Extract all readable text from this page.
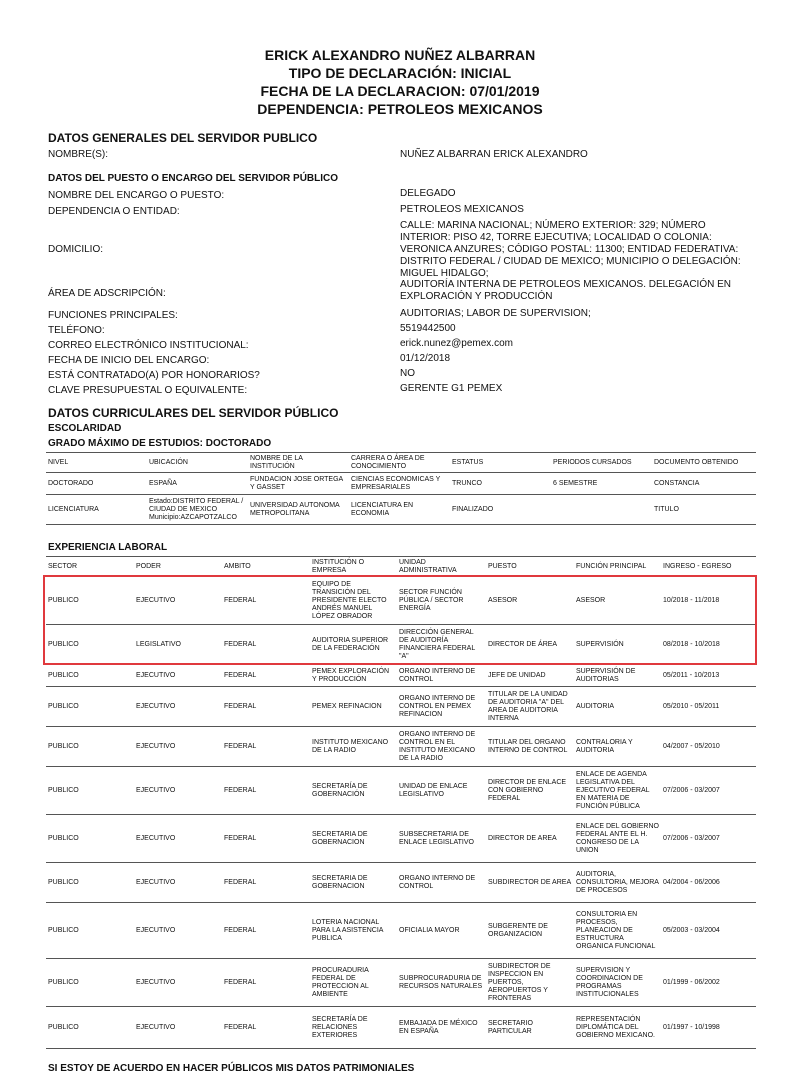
ERICK ALEXANDRO NUÑEZ ALBARRAN
TIPO DE DECLARACIÓN: INICIAL
FECHA DE LA DECLARACION: 07/01/2019
DEPENDENCIA: PETROLEOS MEXICANOS
DATOS GENERALES DEL SERVIDOR PUBLICO
NOMBRE(S):	NUÑEZ ALBARRAN ERICK ALEXANDRO
DATOS DEL PUESTO O ENCARGO DEL SERVIDOR PÚBLICO
NOMBRE DEL ENCARGO O PUESTO:	DELEGADO
DEPENDENCIA O ENTIDAD:	PETROLEOS MEXICANOS
DOMICILIO:
CALLE: MARINA NACIONAL; NÚMERO EXTERIOR: 329; NÚMERO INTERIOR: PISO 42, TORRE EJECUTIVA; LOCALIDAD O COLONIA: VERONICA ANZURES; CÓDIGO POSTAL: 11300; ENTIDAD FEDERATIVA: DISTRITO FEDERAL / CIUDAD DE MEXICO; MUNICIPIO O DELEGACIÓN: MIGUEL HIDALGO;
ÁREA DE ADSCRIPCIÓN:
AUDITORÍA INTERNA DE PETROLEOS MEXICANOS. DELEGACIÓN EN EXPLORACIÓN Y PRODUCCIÓN
FUNCIONES PRINCIPALES:	AUDITORIAS; LABOR DE SUPERVISION;
TELÉFONO:	5519442500
CORREO ELECTRÓNICO INSTITUCIONAL:	erick.nunez@pemex.com
FECHA DE INICIO DEL ENCARGO:	01/12/2018
ESTÁ CONTRATADO(A) POR HONORARIOS?	NO
CLAVE PRESUPUESTAL O EQUIVALENTE:	GERENTE G1 PEMEX
DATOS CURRICULARES DEL SERVIDOR PÚBLICO
ESCOLARIDAD
GRADO MÁXIMO DE ESTUDIOS: DOCTORADO
NIVEL	UBICACIÓN	NOMBRE DE LA INSTITUCIÓN	CARRERA O ÁREA DE CONOCIMIENTO	ESTATUS	PERIODOS CURSADOS	DOCUMENTO OBTENIDO
DOCTORADO	ESPAÑA	FUNDACION JOSE ORTEGA Y GASSET	CIENCIAS ECONOMICAS Y EMPRESARIALES	TRUNCO	6 SEMESTRE	CONSTANCIA
LICENCIATURA	Estado:DISTRITO FEDERAL / CIUDAD DE MEXICO Municipio:AZCAPOTZALCO	UNIVERSIDAD AUTONOMA METROPOLITANA	LICENCIATURA EN ECONOMIA	FINALIZADO		TITULO
EXPERIENCIA LABORAL
SECTOR	PODER	AMBITO	INSTITUCIÓN O EMPRESA	UNIDAD ADMINISTRATIVA	PUESTO	FUNCIÓN PRINCIPAL	INGRESO - EGRESO
PUBLICO	EJECUTIVO	FEDERAL	EQUIPO DE TRANSICIÓN DEL PRESIDENTE ELECTO ANDRÉS MANUEL LÓPEZ OBRADOR	SECTOR FUNCIÓN PÚBLICA / SECTOR ENERGÍA	ASESOR	ASESOR	10/2018 - 11/2018
PUBLICO	LEGISLATIVO	FEDERAL	AUDITORIA SUPERIOR DE LA FEDERACIÓN	DIRECCIÓN GENERAL DE AUDITORÍA FINANCIERA FEDERAL "A"	DIRECTOR DE ÁREA	SUPERVISIÓN	08/2018 - 10/2018
PUBLICO	EJECUTIVO	FEDERAL	PEMEX EXPLORACIÓN Y PRODUCCIÓN	ORGANO INTERNO DE CONTROL	JEFE DE UNIDAD	SUPERVISIÓN DE AUDITORIAS	05/2011 - 10/2013
PUBLICO	EJECUTIVO	FEDERAL	PEMEX REFINACION	ORGANO INTERNO DE CONTROL EN PEMEX REFINACION	TITULAR DE LA UNIDAD DE AUDITORIA "A" DEL AREA DE AUDITORIA INTERNA	AUDITORIA	05/2010 - 05/2011
PUBLICO	EJECUTIVO	FEDERAL	INSTITUTO MEXICANO DE LA RADIO	ORGANO INTERNO DE CONTROL EN EL INSTITUTO MEXICANO DE LA RADIO	TITULAR DEL ORGANO INTERNO DE CONTROL	CONTRALORIA Y AUDITORIA	04/2007 - 05/2010
PUBLICO	EJECUTIVO	FEDERAL	SECRETARÍA DE GOBERNACIÓN	UNIDAD DE ENLACE LEGISLATIVO	DIRECTOR DE ENLACE CON GOBIERNO FEDERAL	ENLACE DE AGENDA LEGISLATIVA DEL EJECUTIVO FEDERAL EN MATERIA DE FUNCIÓN PÚBLICA	07/2006 - 03/2007
PUBLICO	EJECUTIVO	FEDERAL	SECRETARIA DE GOBERNACION	SUBSECRETARIA DE ENLACE LEGISLATIVO	DIRECTOR DE AREA	ENLACE DEL GOBIERNO FEDERAL ANTE EL H. CONGRESO DE LA UNION	07/2006 - 03/2007
PUBLICO	EJECUTIVO	FEDERAL	SECRETARIA DE GOBERNACION	ORGANO INTERNO DE CONTROL	SUBDIRECTOR DE AREA	AUDITORIA, CONSULTORIA, MEJORA DE PROCESOS	04/2004 - 06/2006
PUBLICO	EJECUTIVO	FEDERAL	LOTERIA NACIONAL PARA LA ASISTENCIA PUBLICA	OFICIALIA MAYOR	SUBGERENTE DE ORGANIZACION	CONSULTORIA EN PROCESOS, PLANEACION DE ESTRUCTURA ORGANICA FUNCIONAL	05/2003 - 03/2004
PUBLICO	EJECUTIVO	FEDERAL	PROCURADURIA FEDERAL DE PROTECCION AL AMBIENTE	SUBPROCURADURIA DE RECURSOS NATURALES	SUBDIRECTOR DE INSPECCION EN PUERTOS, AEROPUERTOS Y FRONTERAS	SUPERVISION Y COORDINACION DE PROGRAMAS INSTITUCIONALES	01/1999 - 06/2002
PUBLICO	EJECUTIVO	FEDERAL	SECRETARÍA DE RELACIONES EXTERIORES	EMBAJADA DE MÉXICO EN ESPAÑA	SECRETARIO PARTICULAR	REPRESENTACIÓN DIPLOMÁTICA DEL GOBIERNO MEXICANO.	01/1997 - 10/1998
SI ESTOY DE ACUERDO EN HACER PÚBLICOS MIS DATOS PATRIMONIALES
